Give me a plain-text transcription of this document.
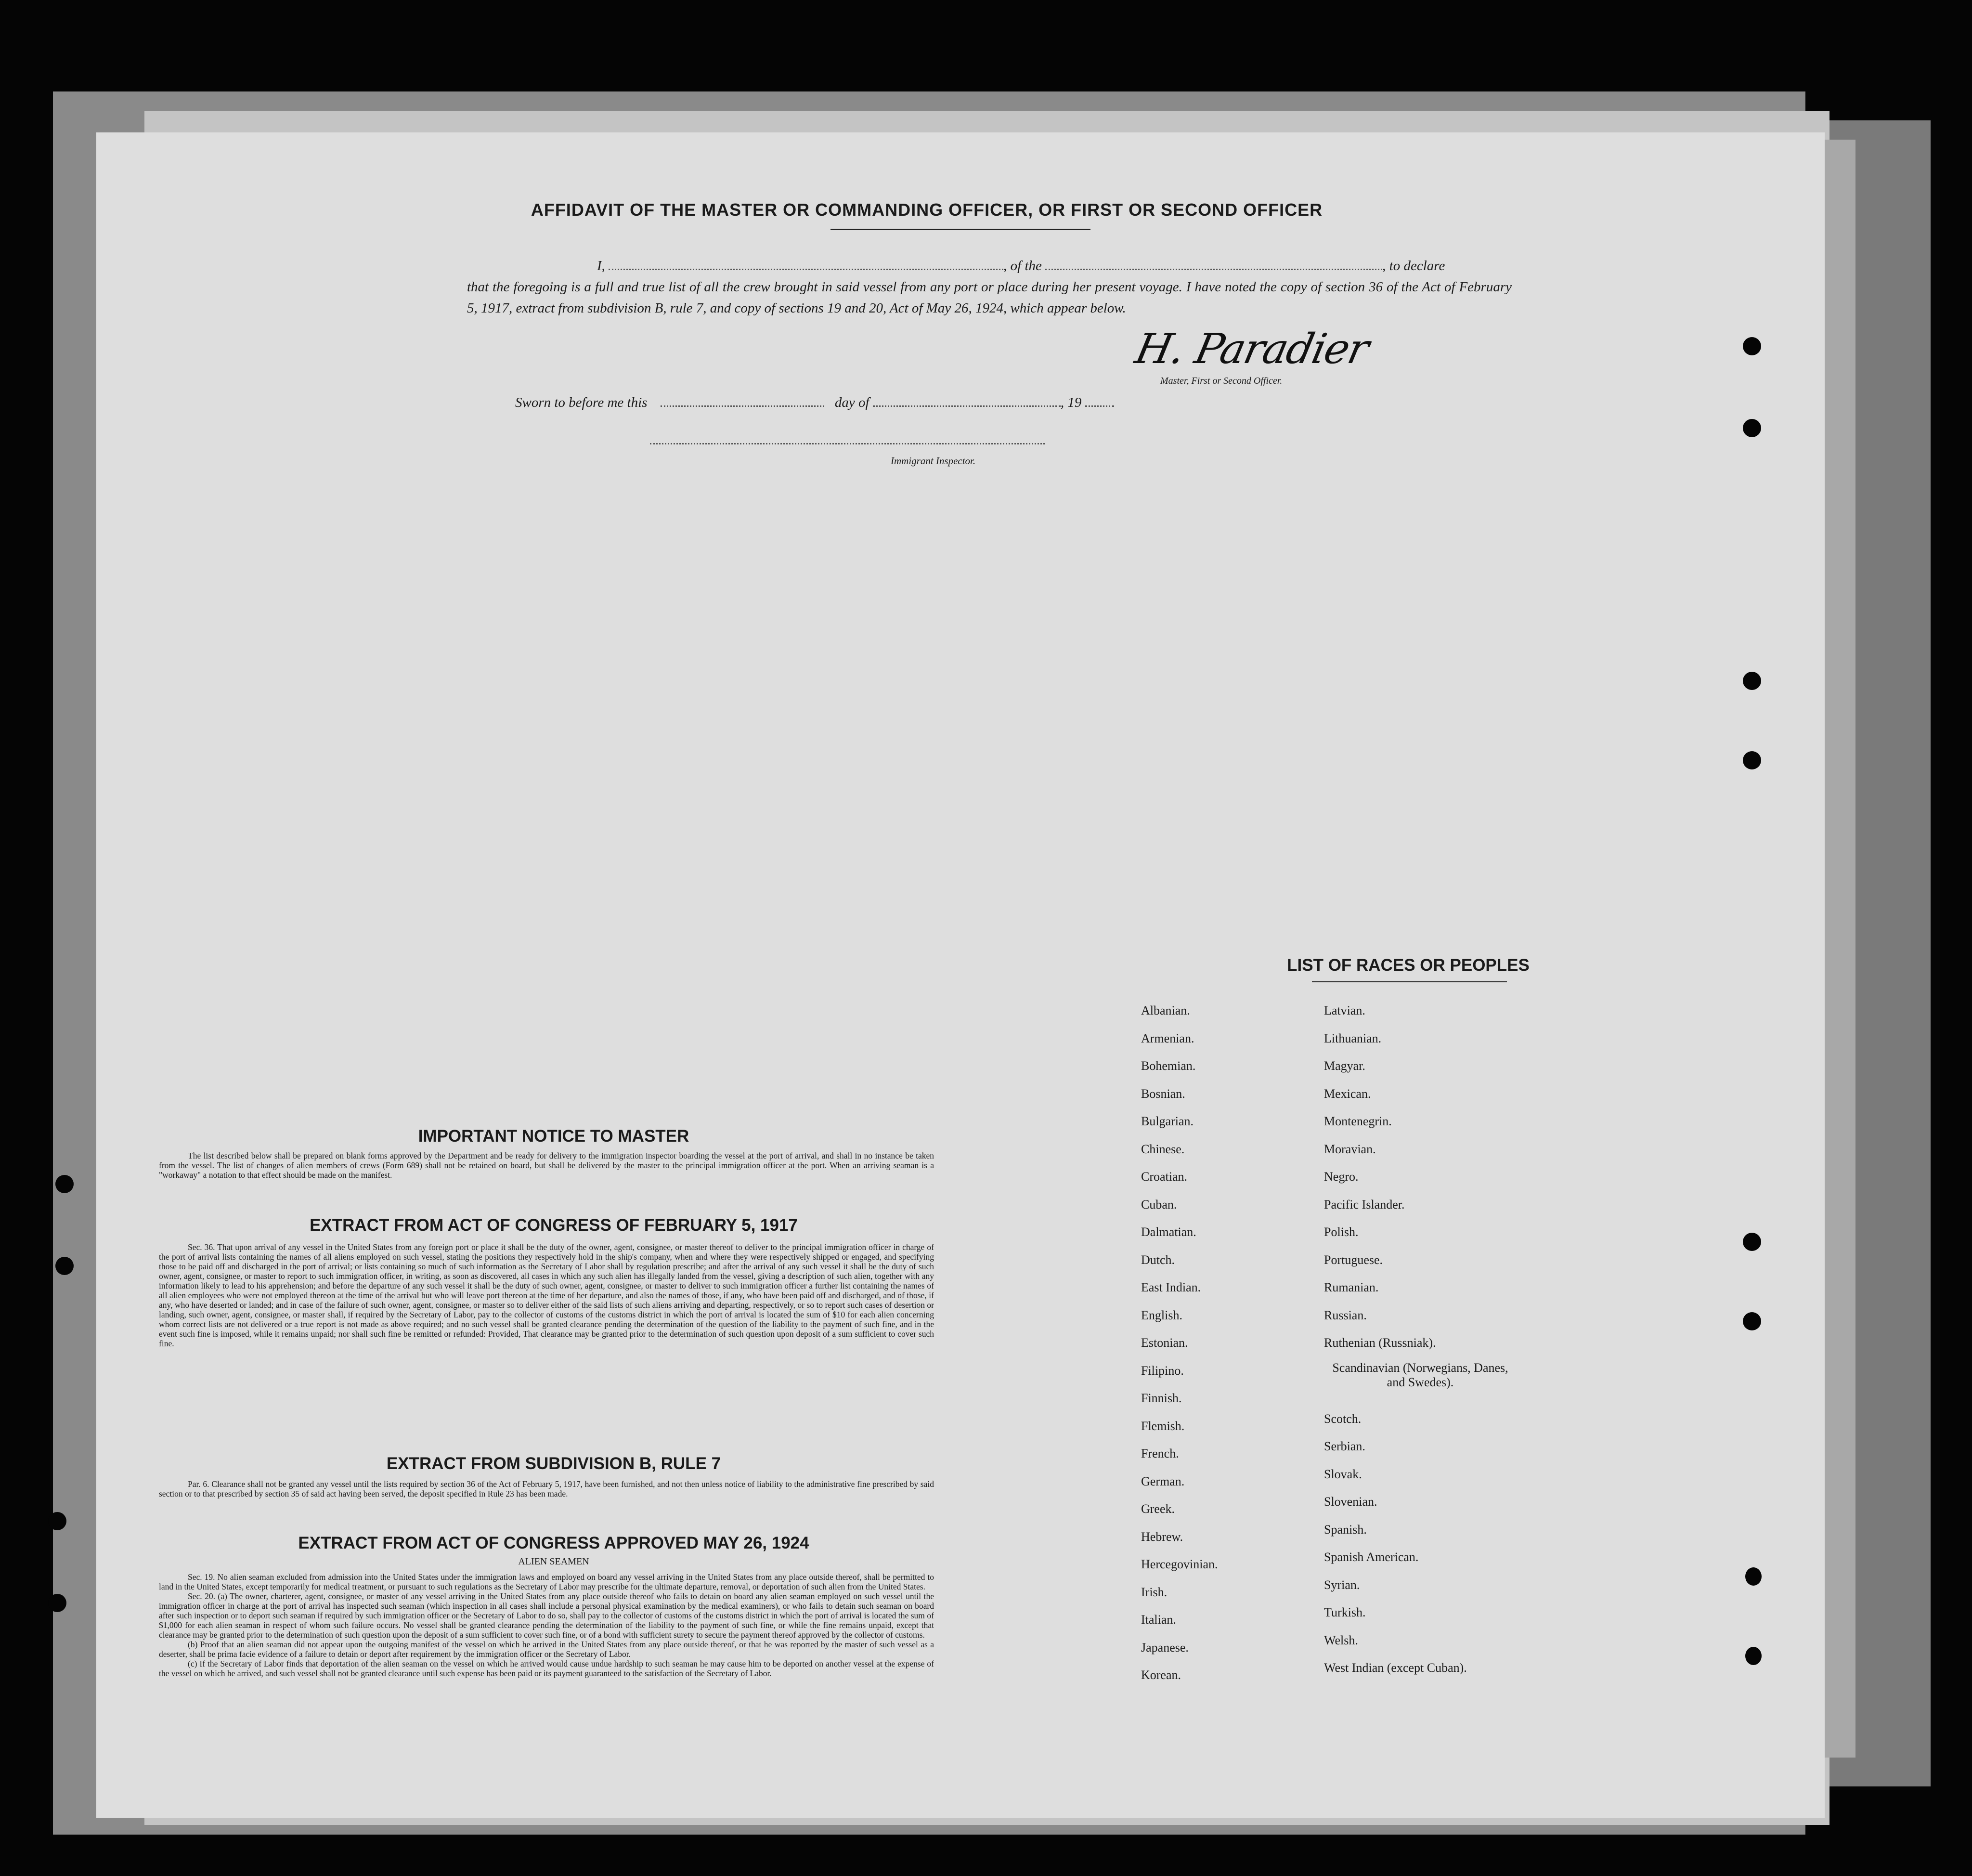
AFFIDAVIT OF THE MASTER OR COMMANDING OFFICER, OR FIRST OR SECOND OFFICER
I,	, of the	, to declare
that the foregoing is a full and true list of all the crew brought in said vessel from any port or place during her present voyage. I have noted the copy of section 36 of the Act of February 5, 1917, extract from subdivision B, rule 7, and copy of sections 19 and 20, Act of May 26, 1924, which appear below.
H. Paradier
Master, First or Second Officer.
Sworn to before me this	day of	, 19
Immigrant Inspector.
IMPORTANT NOTICE TO MASTER

The list described below shall be prepared on blank forms approved by the Department and be ready for delivery to the immigration inspector boarding the vessel at the port of arrival, and shall in no instance be taken from the vessel. The list of changes of alien members of crews (Form 689) shall not be retained on board, but shall be delivered by the master to the principal immigration officer at the port. When an arriving seaman is a "workaway" a notation to that effect should be made on the manifest.

EXTRACT FROM ACT OF CONGRESS OF FEBRUARY 5, 1917

Sec. 36. That upon arrival of any vessel in the United States from any foreign port or place it shall be the duty of the owner, agent, consignee, or master thereof to deliver to the principal immigration officer in charge of the port of arrival lists containing the names of all aliens employed on such vessel, stating the positions they respectively hold in the ship's company, when and where they were respectively shipped or engaged, and specifying those to be paid off and discharged in the port of arrival; or lists containing so much of such information as the Secretary of Labor shall by regulation prescribe; and after the arrival of any such vessel it shall be the duty of such owner, agent, consignee, or master to report to such immigration officer, in writing, as soon as discovered, all cases in which any such alien has illegally landed from the vessel, giving a description of such alien, together with any information likely to lead to his apprehension; and before the departure of any such vessel it shall be the duty of such owner, agent, consignee, or master to deliver to such immigration officer a further list containing the names of all alien employees who were not employed thereon at the time of the arrival but who will leave port thereon at the time of her departure, and also the names of those, if any, who have been paid off and discharged, and of those, if any, who have deserted or landed; and in case of the failure of such owner, agent, consignee, or master so to deliver either of the said lists of such aliens arriving and departing, respectively, or so to report such cases of desertion or landing, such owner, agent, consignee, or master shall, if required by the Secretary of Labor, pay to the collector of customs of the customs district in which the port of arrival is located the sum of $10 for each alien concerning whom correct lists are not delivered or a true report is not made as above required; and no such vessel shall be granted clearance pending the determination of the question of the liability to the payment of such fine, and in the event such fine is imposed, while it remains unpaid; nor shall such fine be remitted or refunded: Provided, That clearance may be granted prior to the determination of such question upon deposit of a sum sufficient to cover such fine.

EXTRACT FROM SUBDIVISION B, RULE 7

Par. 6. Clearance shall not be granted any vessel until the lists required by section 36 of the Act of February 5, 1917, have been furnished, and not then unless notice of liability to the administrative fine prescribed by said section or to that prescribed by section 35 of said act having been served, the deposit specified in Rule 23 has been made.

EXTRACT FROM ACT OF CONGRESS APPROVED MAY 26, 1924
ALIEN SEAMEN

Sec. 19. No alien seaman excluded from admission into the United States under the immigration laws and employed on board any vessel arriving in the United States from any place outside thereof, shall be permitted to land in the United States, except temporarily for medical treatment, or pursuant to such regulations as the Secretary of Labor may prescribe for the ultimate departure, removal, or deportation of such alien from the United States.

Sec. 20. (a) The owner, charterer, agent, consignee, or master of any vessel arriving in the United States from any place outside thereof who fails to detain on board any alien seaman employed on such vessel until the immigration officer in charge at the port of arrival has inspected such seaman (which inspection in all cases shall include a personal physical examination by the medical examiners), or who fails to detain such seaman on board after such inspection or to deport such seaman if required by such immigration officer or the Secretary of Labor to do so, shall pay to the collector of customs of the customs district in which the port of arrival is located the sum of $1,000 for each alien seaman in respect of whom such failure occurs. No vessel shall be granted clearance pending the determination of the liability to the payment of such fine, or while the fine remains unpaid, except that clearance may be granted prior to the determination of such question upon the deposit of a sum sufficient to cover such fine, or of a bond with sufficient surety to secure the payment thereof approved by the collector of customs.

(b) Proof that an alien seaman did not appear upon the outgoing manifest of the vessel on which he arrived in the United States from any place outside thereof, or that he was reported by the master of such vessel as a deserter, shall be prima facie evidence of a failure to detain or deport after requirement by the immigration officer or the Secretary of Labor.

(c) If the Secretary of Labor finds that deportation of the alien seaman on the vessel on which he arrived would cause undue hardship to such seaman he may cause him to be deported on another vessel at the expense of the vessel on which he arrived, and such vessel shall not be granted clearance until such expense has been paid or its payment guaranteed to the satisfaction of the Secretary of Labor.

LIST OF RACES OR PEOPLES
Albanian.
Armenian.
Bohemian.
Bosnian.
Bulgarian.
Chinese.
Croatian.
Cuban.
Dalmatian.
Dutch.
East Indian.
English.
Estonian.
Filipino.
Finnish.
Flemish.
French.
German.
Greek.
Hebrew.
Hercegovinian.
Irish.
Italian.
Japanese.
Korean.
Latvian.
Lithuanian.
Magyar.
Mexican.
Montenegrin.
Moravian.
Negro.
Pacific Islander.
Polish.
Portuguese.
Rumanian.
Russian.
Ruthenian (Russniak).
Scandinavian (Norwegians, Danes, and Swedes).
Scotch.
Serbian.
Slovak.
Slovenian.
Spanish.
Spanish American.
Syrian.
Turkish.
Welsh.
West Indian (except Cuban).
